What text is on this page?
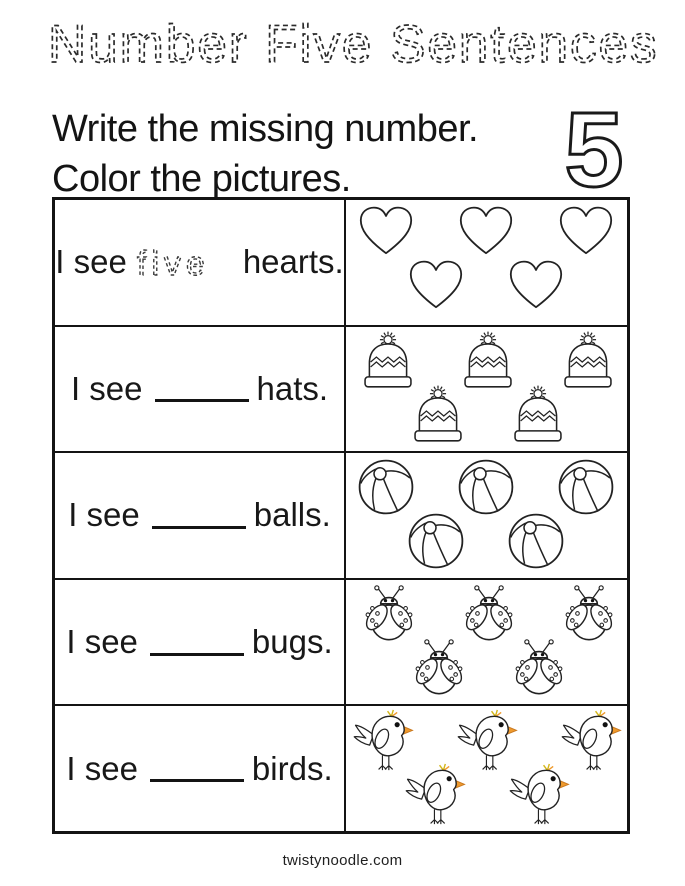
Number Five Sentences
Write the missing number.
Color the pictures.	5
I see five hearts.
I see	hats.
I see	balls.
I see	bugs.
I see	birds.
twistynoodle.com
